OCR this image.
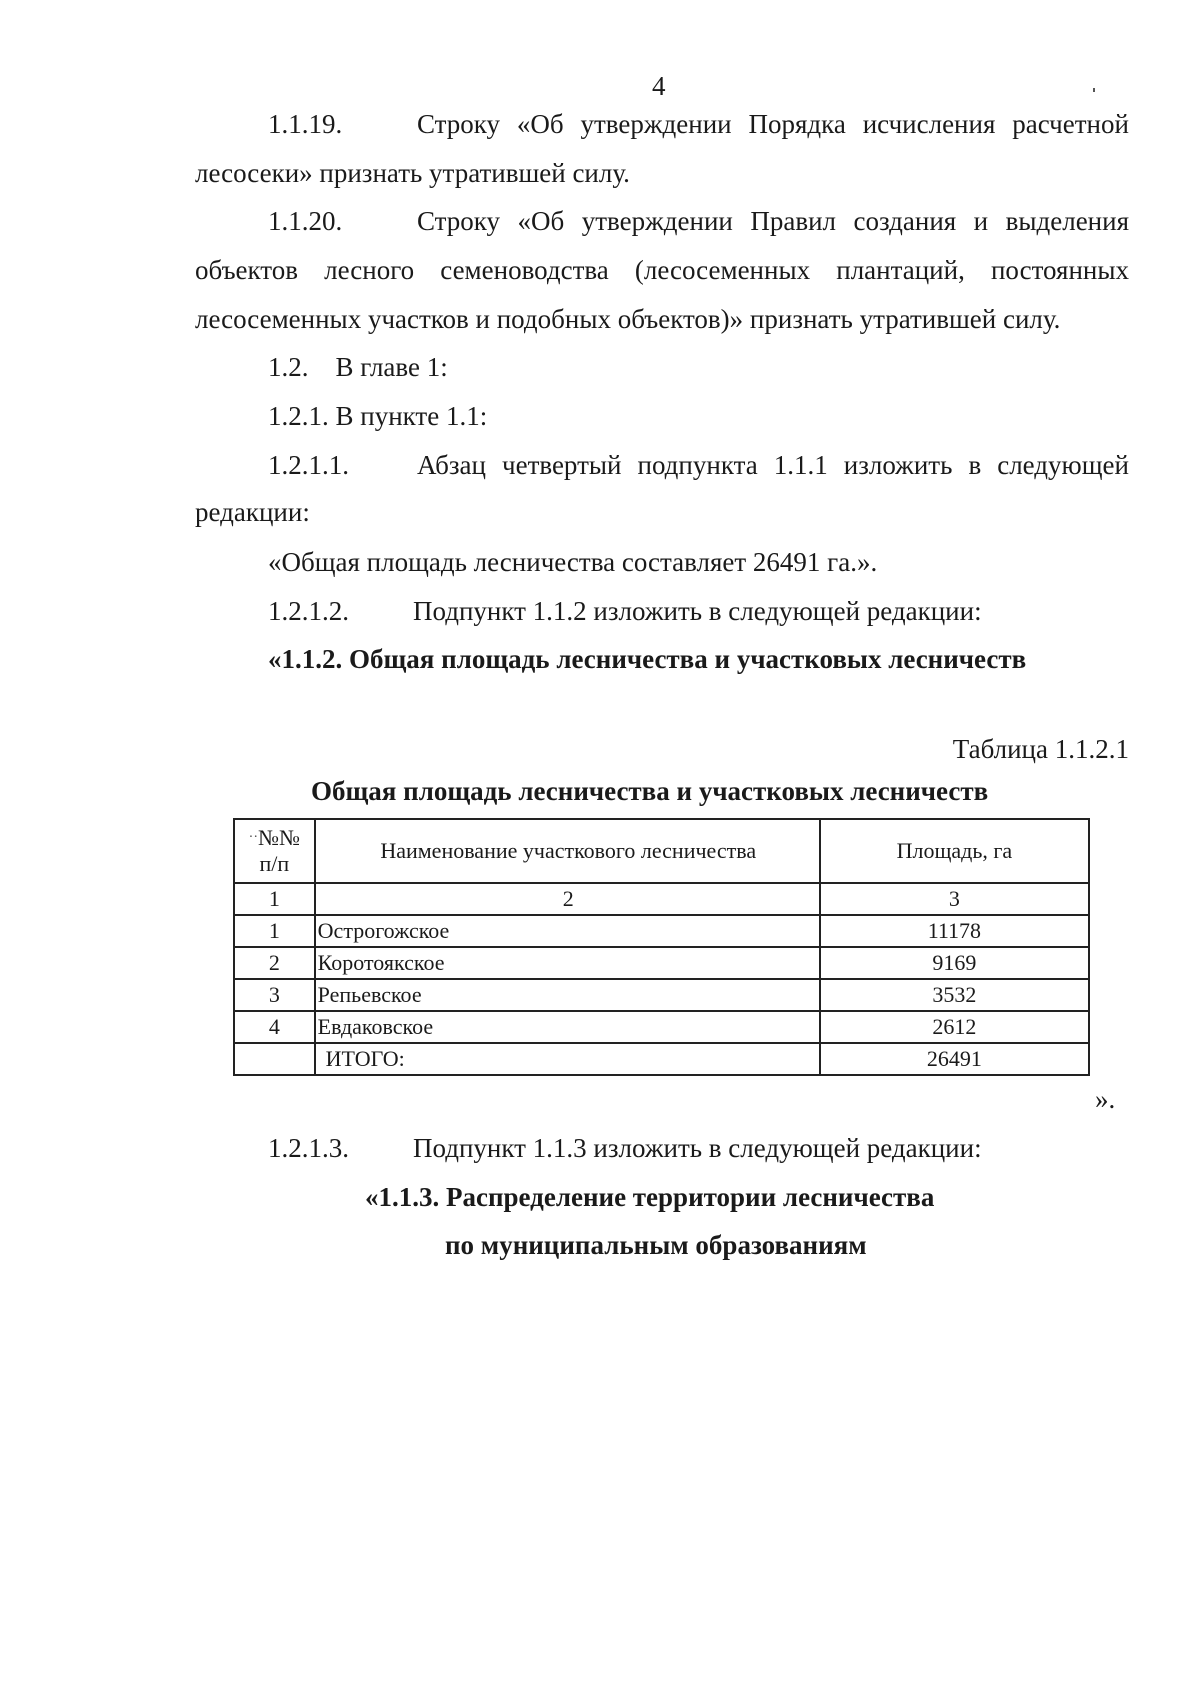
4
1.1.19.	Строку «Об утверждении Порядка исчисления расчетной
лесосеки» признать утратившей силу.
1.1.20.	Строку «Об утверждении Правил создания и выделения
объектов лесного семеноводства (лесосеменных плантаций, постоянных
лесосеменных участков и подобных объектов)» признать утратившей силу.
1.2.    В главе 1:
1.2.1. В пункте 1.1:
1.2.1.1.	Абзац четвертый подпункта 1.1.1 изложить в следующей
редакции:
«Общая площадь лесничества составляет 26491 га.».
1.2.1.2. Подпункт 1.1.2 изложить в следующей редакции:
«1.1.2. Общая площадь лесничества и участковых лесничеств
Таблица 1.1.2.1
Общая площадь лесничества и участковых лесничеств
··№№
п/п	Наименование участкового лесничества	Площадь, га
1	2	3
1	Острогожское	11178
2	Коротоякское	9169
3	Репьевское	3532
4	Евдаковское	2612
	ИТОГО:	26491
».
1.2.1.3. Подпункт 1.1.3 изложить в следующей редакции:
«1.1.3. Распределение территории лесничества
по муниципальным образованиям
